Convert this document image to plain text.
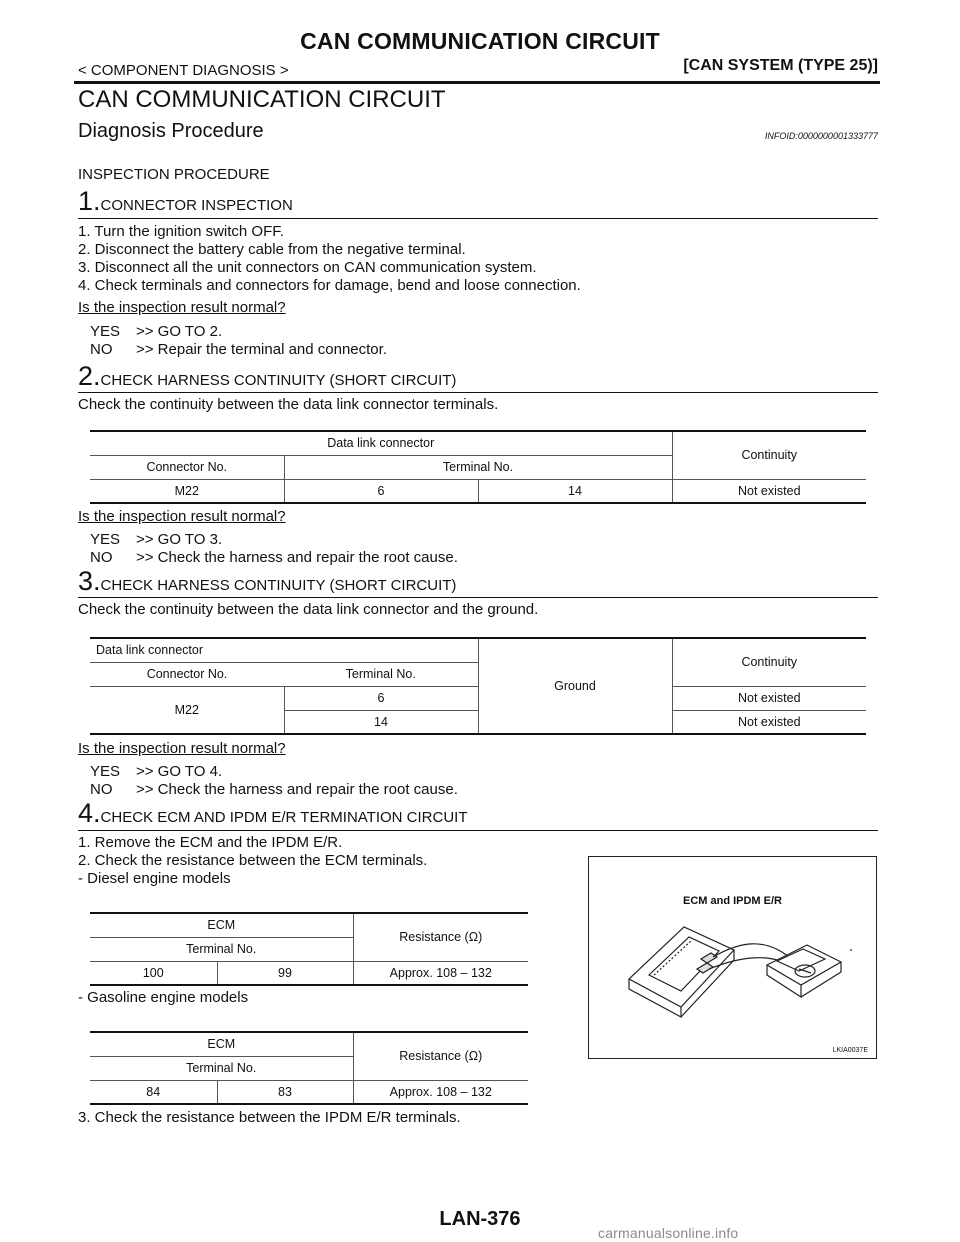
CAN COMMUNICATION CIRCUIT
< COMPONENT DIAGNOSIS >	[CAN SYSTEM (TYPE 25)]
CAN COMMUNICATION CIRCUIT
Diagnosis Procedure	INFOID:0000000001333777
INSPECTION PROCEDURE
1.CONNECTOR INSPECTION
1. Turn the ignition switch OFF.
2. Disconnect the battery cable from the negative terminal.
3. Disconnect all the unit connectors on CAN communication system.
4. Check terminals and connectors for damage, bend and loose connection.
Is the inspection result normal?
YES >> GO TO 2.
NO >> Repair the terminal and connector.
2.CHECK HARNESS CONTINUITY (SHORT CIRCUIT)
Check the continuity between the data link connector terminals.
Data link connector			Continuity
Connector No.	Terminal No.		
M22	6	14	Not existed
Is the inspection result normal?
YES >> GO TO 3.
NO >> Check the harness and repair the root cause.
3.CHECK HARNESS CONTINUITY (SHORT CIRCUIT)
Check the continuity between the data link connector and the ground.
Data link connector		Ground	Continuity
Connector No.	Terminal No.		
M22	6		Not existed
	14		Not existed
Is the inspection result normal?
YES >> GO TO 4.
NO >> Check the harness and repair the root cause.
4.CHECK ECM AND IPDM E/R TERMINATION CIRCUIT
1. Remove the ECM and the IPDM E/R.
2. Check the resistance between the ECM terminals.
- Diesel engine models
ECM		Resistance (Ω)
Terminal No.		
100	99	Approx. 108 – 132
- Gasoline engine models
ECM		Resistance (Ω)
Terminal No.		
84	83	Approx. 108 – 132
3. Check the resistance between the IPDM E/R terminals.
ECM and IPDM E/R
LKIA0037E
LAN-376
carmanualsonline.info
